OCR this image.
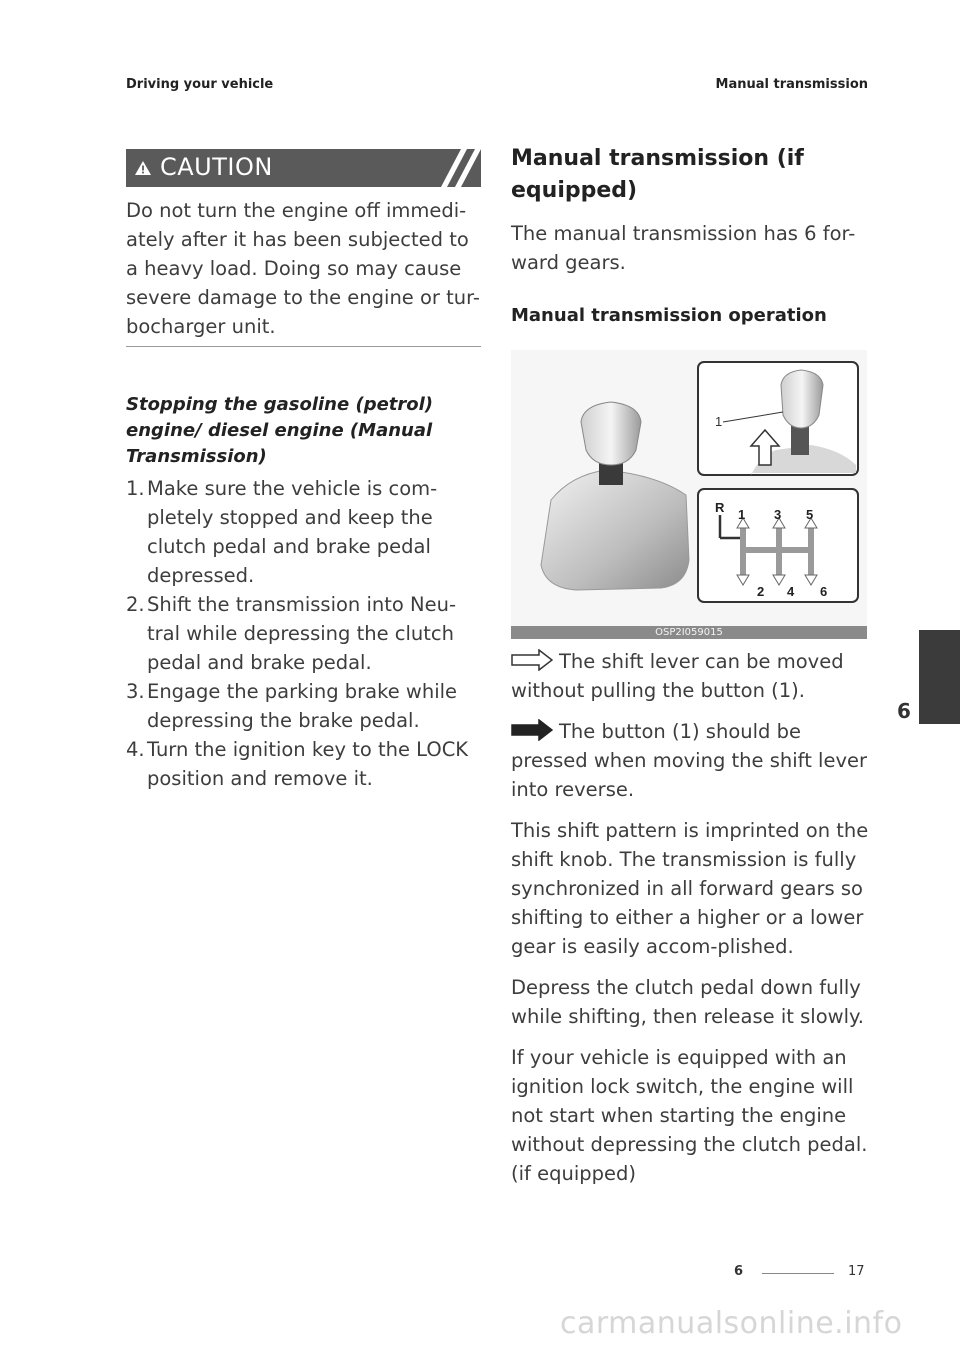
Driving your vehicle	Manual transmission
CAUTION

Do not turn the engine off immedi-ately after it has been subjected to a heavy load. Doing so may cause severe damage to the engine or tur-bocharger unit.

Stopping the gasoline (petrol) engine/ diesel engine (Manual Transmission)

1. Make sure the vehicle is com-pletely stopped and keep the clutch pedal and brake pedal depressed.
2. Shift the transmission into Neu-tral while depressing the clutch pedal and brake pedal.
3. Engage the parking brake while depressing the brake pedal.
4. Turn the ignition key to the LOCK position and remove it.

Manual transmission (if equipped)

The manual transmission has 6 for-ward gears.

Manual transmission operation

1
R 1 3 5
2 4 6
OSP2I059015

The shift lever can be moved without pulling the button (1).

The button (1) should be pressed when moving the shift lever into reverse.

This shift pattern is imprinted on the shift knob. The transmission is fully synchronized in all forward gears so shifting to either a higher or a lower gear is easily accom-plished.

Depress the clutch pedal down fully while shifting, then release it slowly.

If your vehicle is equipped with an ignition lock switch, the engine will not start when starting the engine without depressing the clutch pedal. (if equipped)

6
6	17
carmanualsonline.info
